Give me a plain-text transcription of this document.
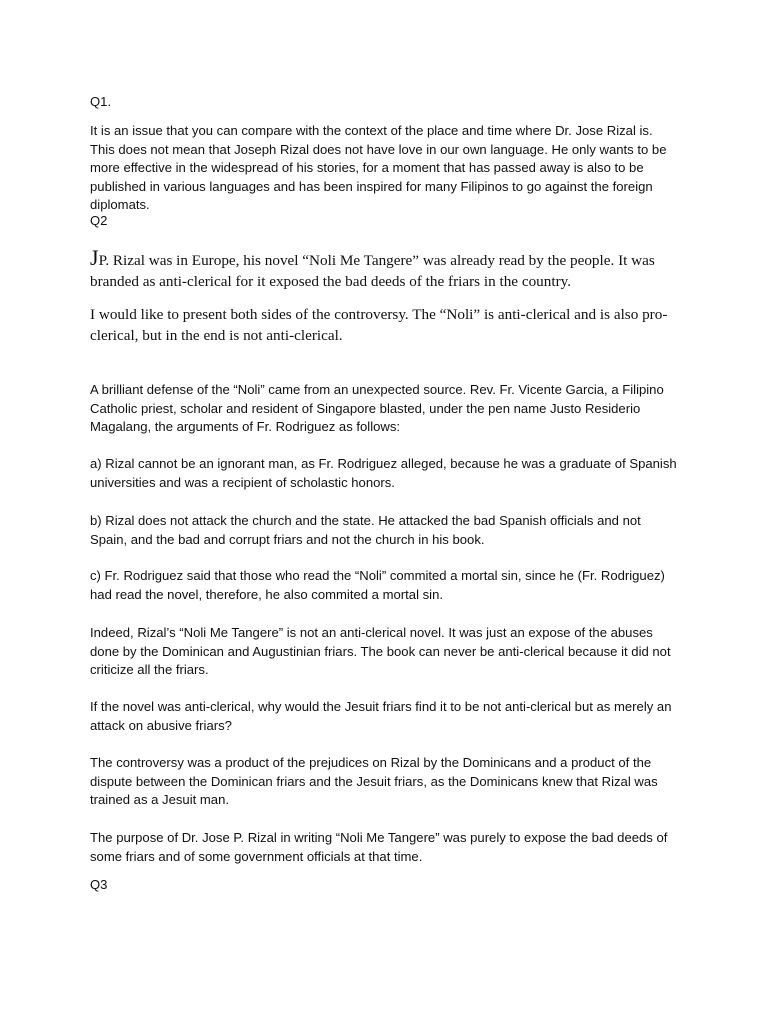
Q1.

It is an issue that you can compare with the context of the place and time where Dr. Jose Rizal is. This does not mean that Joseph Rizal does not have love in our own language. He only wants to be more effective in the widespread of his stories, for a moment that has passed away is also to be published in various languages and has been inspired for many Filipinos to go against the foreign diplomats.

Q2

JP. Rizal was in Europe, his novel “Noli Me Tangere” was already read by the people. It was branded as anti-clerical for it exposed the bad deeds of the friars in the country.

I would like to present both sides of the controversy. The “Noli” is anti-clerical and is also pro-clerical, but in the end is not anti-clerical.

A brilliant defense of the “Noli” came from an unexpected source. Rev. Fr. Vicente Garcia, a Filipino Catholic priest, scholar and resident of Singapore blasted, under the pen name Justo Residerio Magalang, the arguments of Fr. Rodriguez as follows:

a) Rizal cannot be an ignorant man, as Fr. Rodriguez alleged, because he was a graduate of Spanish universities and was a recipient of scholastic honors.

b) Rizal does not attack the church and the state. He attacked the bad Spanish officials and not Spain, and the bad and corrupt friars and not the church in his book.

c) Fr. Rodriguez said that those who read the “Noli” commited a mortal sin, since he (Fr. Rodriguez) had read the novel, therefore, he also commited a mortal sin.

Indeed, Rizal’s “Noli Me Tangere” is not an anti-clerical novel. It was just an expose of the abuses done by the Dominican and Augustinian friars. The book can never be anti-clerical because it did not criticize all the friars.

If the novel was anti-clerical, why would the Jesuit friars find it to be not anti-clerical but as merely an attack on abusive friars?

The controversy was a product of the prejudices on Rizal by the Dominicans and a product of the dispute between the Dominican friars and the Jesuit friars, as the Dominicans knew that Rizal was trained as a Jesuit man.

The purpose of Dr. Jose P. Rizal in writing “Noli Me Tangere” was purely to expose the bad deeds of some friars and of some government officials at that time.

Q3
